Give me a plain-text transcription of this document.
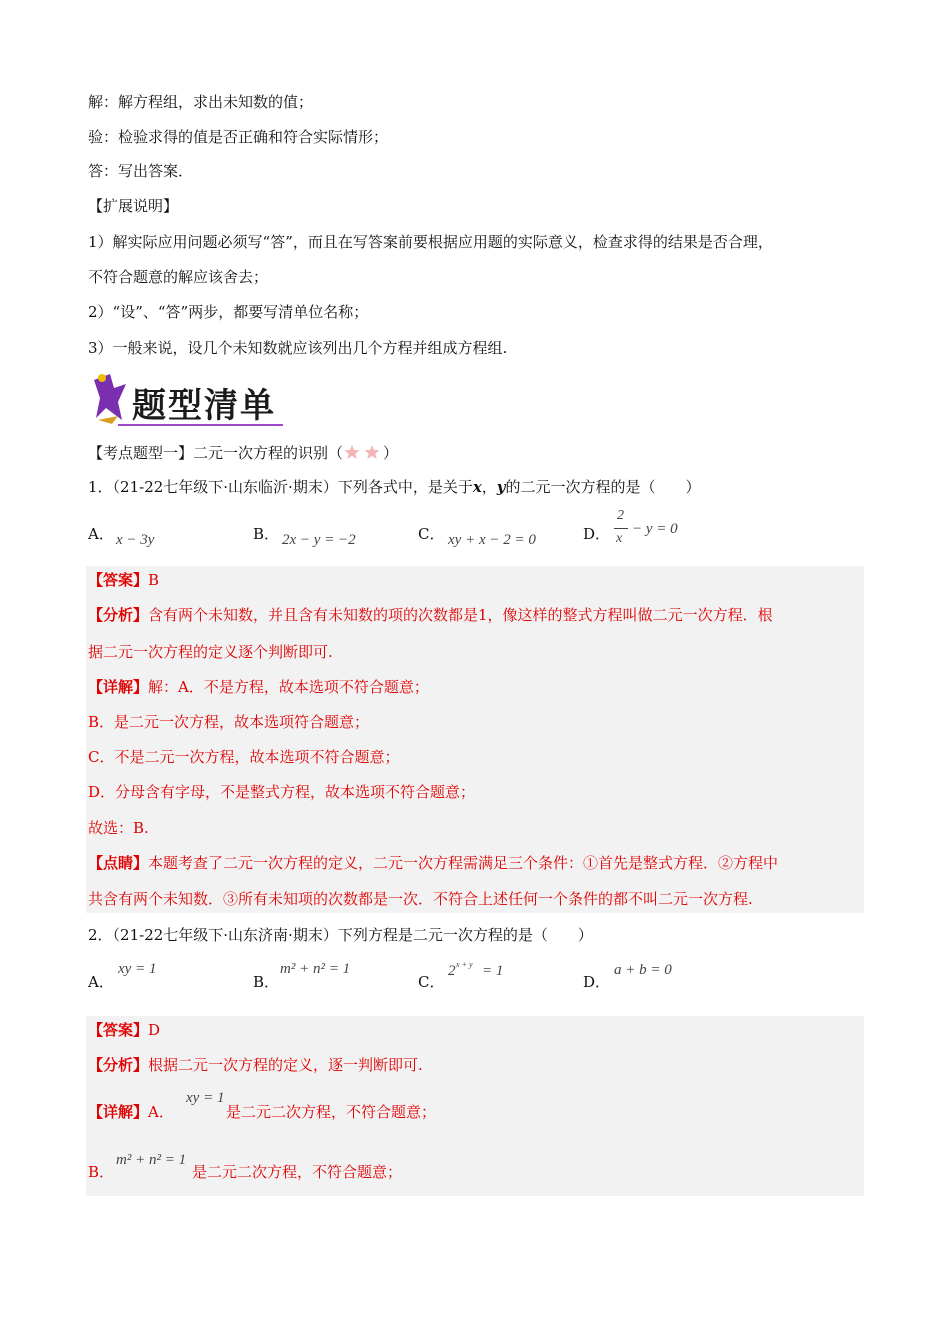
解：解方程组，求出未知数的值；
验：检验求得的值是否正确和符合实际情形；
答：写出答案．
【扩展说明】
1）解实际应用问题必须写“答”，而且在写答案前要根据应用题的实际意义，检查求得的结果是否合理，
不符合题意的解应该舍去；
2）“设”、“答”两步，都要写清单位名称；
3）一般来说，设几个未知数就应该列出几个方程并组成方程组.
题型清单
【考点题型一】二元一次方程的识别（	）
1．（21-22七年级下·山东临沂·期末）下列各式中，是关于x，y的二元一次方程的是（　　）
A． x − 3y	B． 2x − y = −2	C． xy + x − 2 = 0	D．
2
x
− y = 0
【答案】B
【分析】含有两个未知数，并且含有未知数的项的次数都是1，像这样的整式方程叫做二元一次方程．根
据二元一次方程的定义逐个判断即可.
【详解】解：A．不是方程，故本选项不符合题意；
B．是二元一次方程，故本选项符合题意；
C．不是二元一次方程，故本选项不符合题意；
D．分母含有字母，不是整式方程，故本选项不符合题意；
故选：B.
【点睛】本题考查了二元一次方程的定义，二元一次方程需满足三个条件：①首先是整式方程．②方程中
共含有两个未知数．③所有未知项的次数都是一次．不符合上述任何一个条件的都不叫二元一次方程.
2．（21-22七年级下·山东济南·期末）下列方程是二元一次方程的是（　　）
A．
xy = 1
B．
m² + n² = 1
C．
2 x + y = 1
D．
a + b = 0
【答案】D
【分析】根据二元一次方程的定义，逐一判断即可.
【详解】A．
xy = 1
是二元二次方程，不符合题意；
B．
m² + n² = 1
是二元二次方程，不符合题意；
